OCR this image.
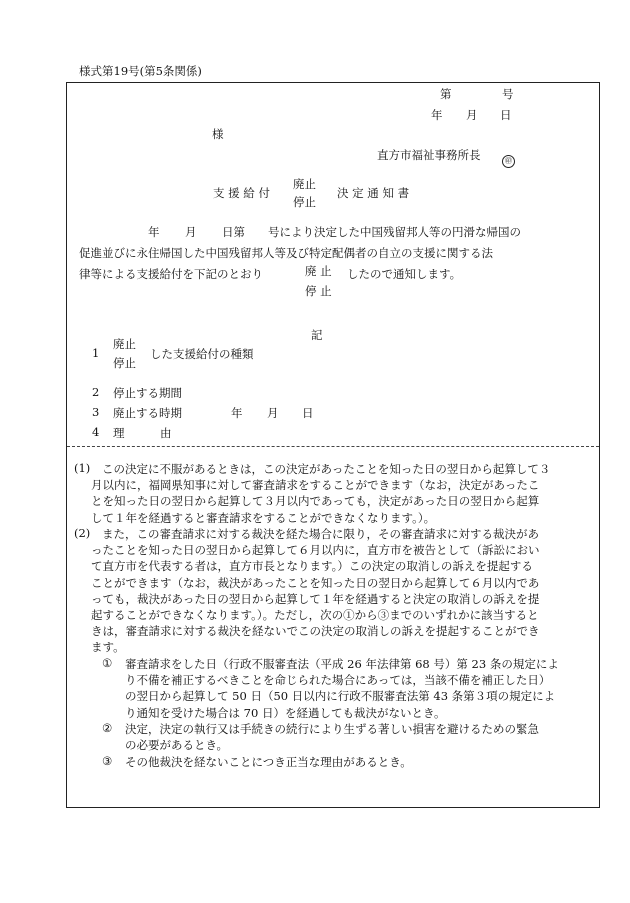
様式第19号(第5条関係)
第	号
年 月 日
様
直方市福祉事務所長	㊞
支 援 給 付
廃止
停止
決 定 通 知 書
年 月 日第 号により決定した中国残留邦人等の円滑な帰国の
促進並びに永住帰国した中国残留邦人等及び特定配偶者の自立の支援に関する法
律等による支援給付を下記のとおり	廃 止
停 止
したので通知します。
記
1
廃止
停止
した支援給付の種類
2 停止する期間
3 廃止する時期	年 月 日
4 理	由
(1)	この決定に不服があるときは，この決定があったことを知った日の翌日から起算して３

月以内に，福岡県知事に対して審査請求をすることができます（なお，決定があったこ

とを知った日の翌日から起算して３月以内であっても，決定があった日の翌日から起算

して１年を経過すると審査請求をすることができなくなります。）。

(2)	また，この審査請求に対する裁決を経た場合に限り，その審査請求に対する裁決があ

ったことを知った日の翌日から起算して６月以内に，直方市を被告として（訴訟におい

て直方市を代表する者は，直方市長となります。）この決定の取消しの訴えを提起する

ことができます（なお，裁決があったことを知った日の翌日から起算して６月以内であ

っても，裁決があった日の翌日から起算して１年を経過すると決定の取消しの訴えを提

起することができなくなります。）。ただし，次の①から③までのいずれかに該当すると

きは，審査請求に対する裁決を経ないでこの決定の取消しの訴えを提起することができ

ます。

① 審査請求をした日（行政不服審査法（平成 26 年法律第 68 号）第 23 条の規定によ

り不備を補正するべきことを命じられた場合にあっては，当該不備を補正した日）

の翌日から起算して 50 日（50 日以内に行政不服審査法第 43 条第３項の規定によ

り通知を受けた場合は 70 日）を経過しても裁決がないとき。

② 決定，決定の執行又は手続きの続行により生ずる著しい損害を避けるための緊急

の必要があるとき。

③ その他裁決を経ないことにつき正当な理由があるとき。
